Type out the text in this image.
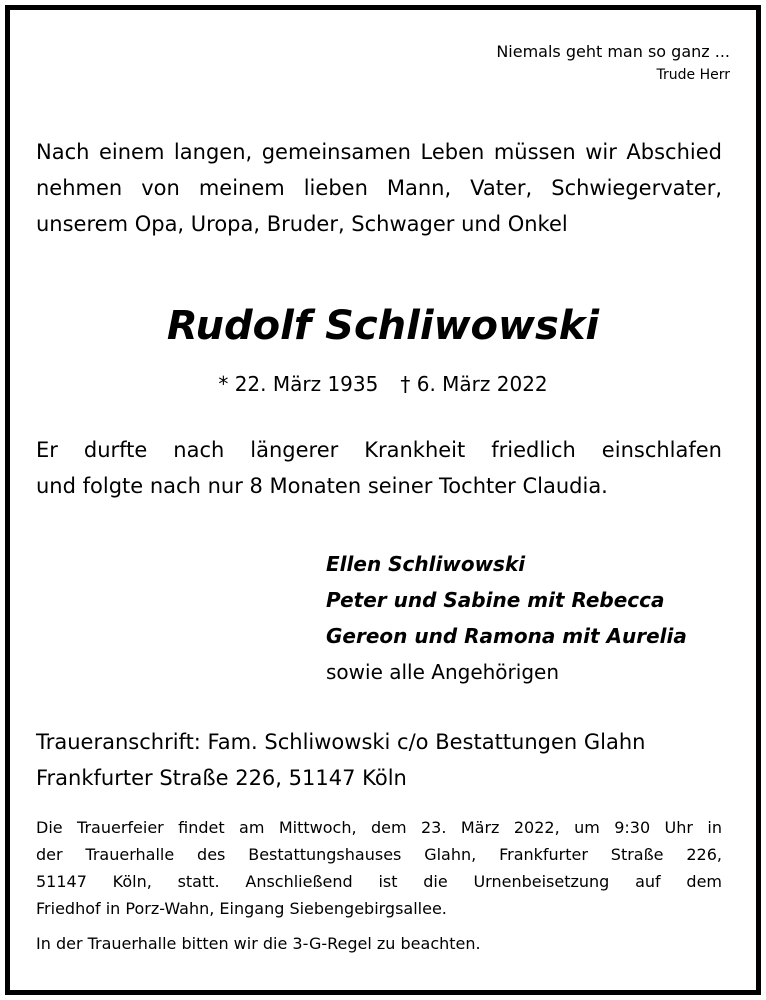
Niemals geht man so ganz ...
Trude Herr
Nach einem langen, gemeinsamen Leben müssen wir Abschied nehmen von meinem lieben Mann, Vater, Schwiegervater, unserem Opa, Uropa, Bruder, Schwager und Onkel
Rudolf Schliwowski
* 22. März 1935 † 6. März 2022
Er durfte nach längerer Krankheit friedlich einschlafen
und folgte nach nur 8 Monaten seiner Tochter Claudia.
Ellen Schliwowski
Peter und Sabine mit Rebecca
Gereon und Ramona mit Aurelia
sowie alle Angehörigen
Traueranschrift: Fam. Schliwowski c/o Bestattungen Glahn
Frankfurter Straße 226, 51147 Köln
Die Trauerfeier findet am Mittwoch, dem 23. März 2022, um 9:30 Uhr in
der Trauerhalle des Bestattungshauses Glahn, Frankfurter Straße 226,
51147 Köln, statt. Anschließend ist die Urnenbeisetzung auf dem
Friedhof in Porz-Wahn, Eingang Siebengebirgsallee.
In der Trauerhalle bitten wir die 3-G-Regel zu beachten.
